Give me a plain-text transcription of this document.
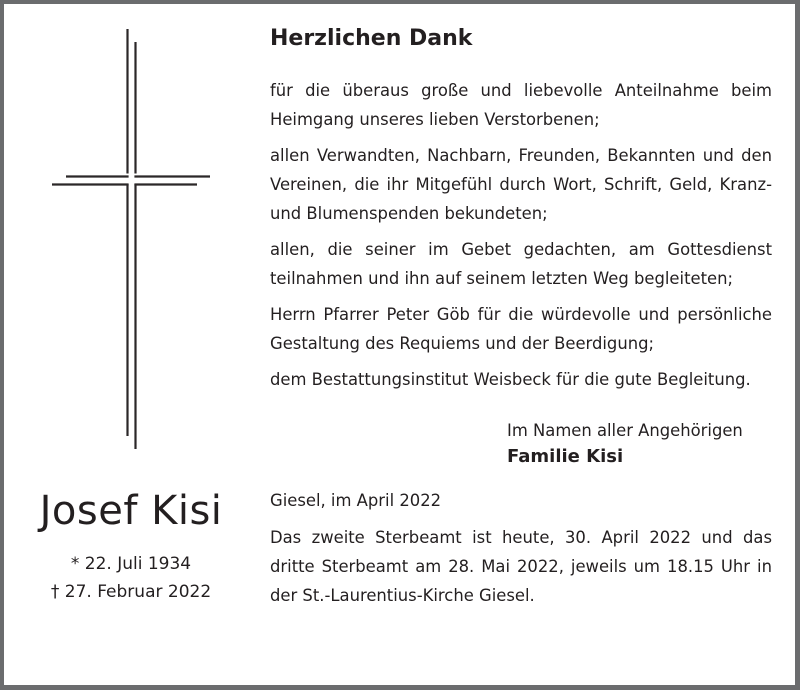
Josef Kisi
* 22. Juli 1934
† 27. Februar 2022
Herzlichen Dank

für die überaus große und liebevolle Anteilnahme beim Heimgang unseres lieben Verstorbenen;

allen Verwandten, Nachbarn, Freunden, Bekannten und den Vereinen, die ihr Mitgefühl durch Wort, Schrift, Geld, Kranz- und Blumenspenden bekundeten;

allen, die seiner im Gebet gedachten, am Gottesdienst teilnahmen und ihn auf seinem letzten Weg begleiteten;

Herrn Pfarrer Peter Göb für die würdevolle und persönliche Gestaltung des Requiems und der Beerdigung;

dem Bestattungsinstitut Weisbeck für die gute Begleitung.

Im Namen aller Angehörigen
Familie Kisi
Giesel, im April 2022

Das zweite Sterbeamt ist heute, 30. April 2022 und das dritte Sterbeamt am 28. Mai 2022, jeweils um 18.15 Uhr in der St.-Laurentius-Kirche Giesel.
